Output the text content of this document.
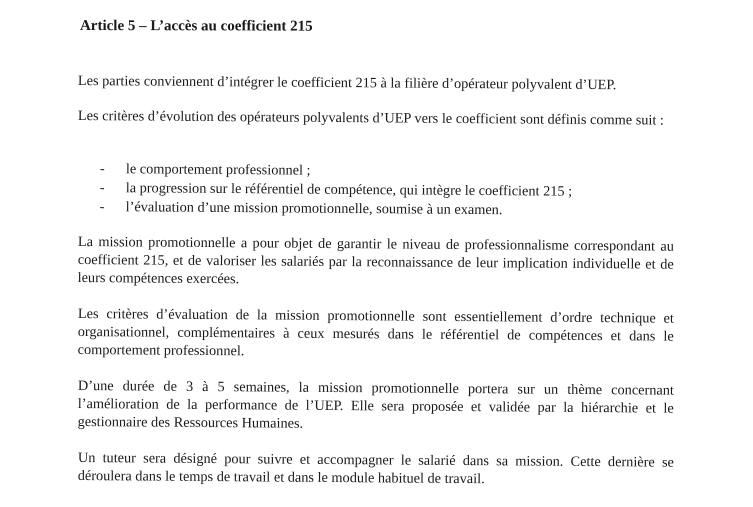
Article 5 – L’accès au coefficient 215
Les parties conviennent d’intégrer le coefficient 215 à la filière d’opérateur polyvalent d’UEP.
Les critères d’évolution des opérateurs polyvalents d’UEP vers le coefficient sont définis comme suit :
- le comportement professionnel ;
- la progression sur le référentiel de compétence, qui intègre le coefficient 215 ;
- l’évaluation d’une mission promotionnelle, soumise à un examen.
La mission promotionnelle a pour objet de garantir le niveau de professionnalisme correspondant au coefficient 215, et de valoriser les salariés par la reconnaissance de leur implication individuelle et de leurs compétences exercées.
Les critères d’évaluation de la mission promotionnelle sont essentiellement d’ordre technique et organisationnel, complémentaires à ceux mesurés dans le référentiel de compétences et dans le comportement professionnel.
D’une durée de 3 à 5 semaines, la mission promotionnelle portera sur un thème concernant l’amélioration de la performance de l’UEP. Elle sera proposée et validée par la hiérarchie et le gestionnaire des Ressources Humaines.
Un tuteur sera désigné pour suivre et accompagner le salarié dans sa mission. Cette dernière se déroulera dans le temps de travail et dans le module habituel de travail.
